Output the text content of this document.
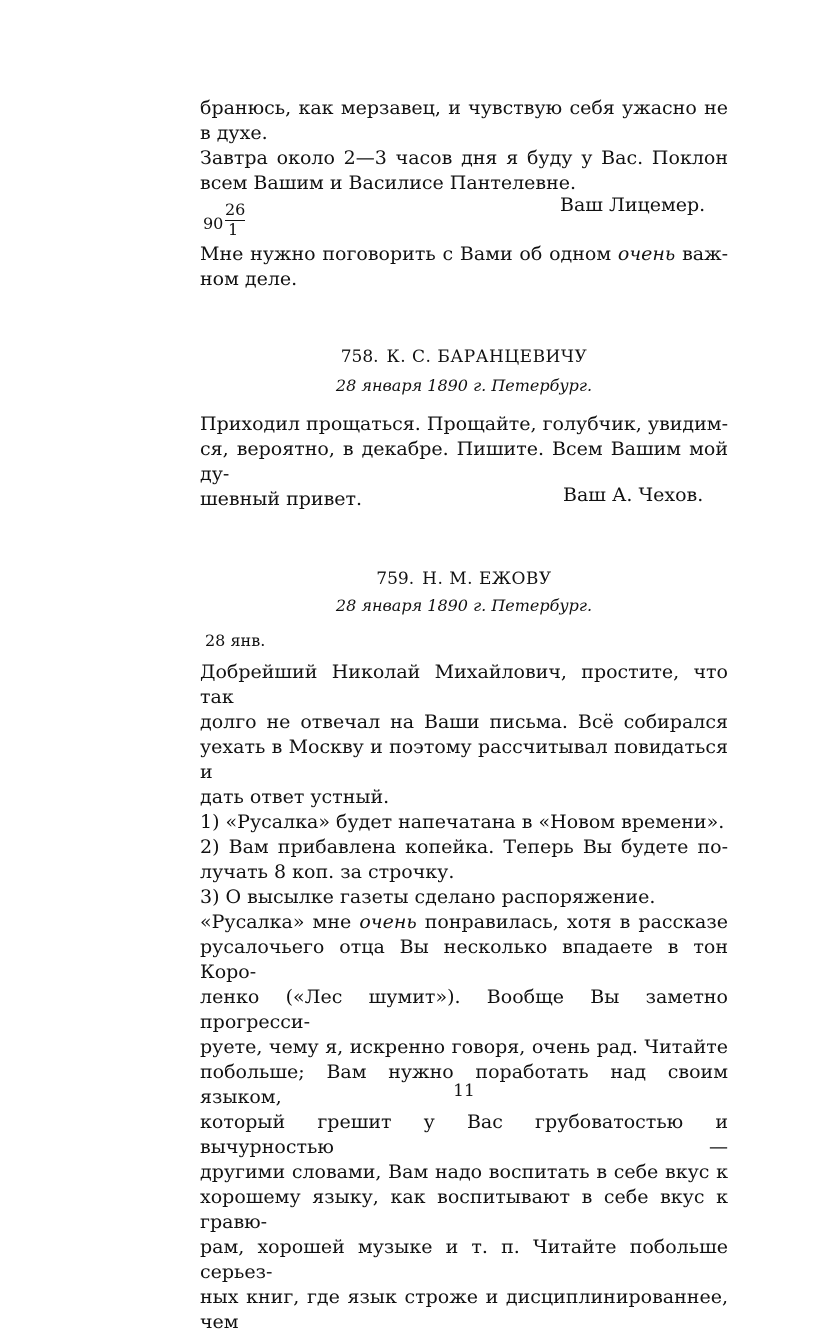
бранюсь, как мерзавец, и чувствую себя ужасно не
в духе.
Завтра около 2—3 часов дня я буду у Вас. Поклон
всем Вашим и Василисе Пантелевне.
Ваш Лицемер.
90
26
1
Мне нужно поговорить с Вами об одном очень важ-
ном деле.
758. К. С. БАРАНЦЕВИЧУ
28 января 1890 г. Петербург.
Приходил прощаться. Прощайте, голубчик, увидим-
ся, вероятно, в декабре. Пишите. Всем Вашим мой ду-
шевный привет.	Ваш А. Чехов.
759. Н. М. ЕЖОВУ
28 января 1890 г. Петербург.
28 янв.
Добрейший Николай Михайлович, простите, что так
долго не отвечал на Ваши письма. Всё собирался
уехать в Москву и поэтому рассчитывал повидаться и
дать ответ устный.
1) «Русалка» будет напечатана в «Новом времени».
2) Вам прибавлена копейка. Теперь Вы будете по-
лучать 8 коп. за строчку.
3) О высылке газеты сделано распоряжение.
«Русалка» мне очень понравилась, хотя в рассказе
русалочьего отца Вы несколько впадаете в тон Коро-
ленко («Лес шумит»). Вообще Вы заметно прогресси-
руете, чему я, искренно говоря, очень рад. Читайте
побольше; Вам нужно поработать над своим языком,
который грешит у Вас грубоватостью и вычурностью —
другими словами, Вам надо воспитать в себе вкус к
хорошему языку, как воспитывают в себе вкус к гравю-
рам, хорошей музыке и т. п. Читайте побольше серьез-
ных книг, где язык строже и дисциплинированнее, чем
11
